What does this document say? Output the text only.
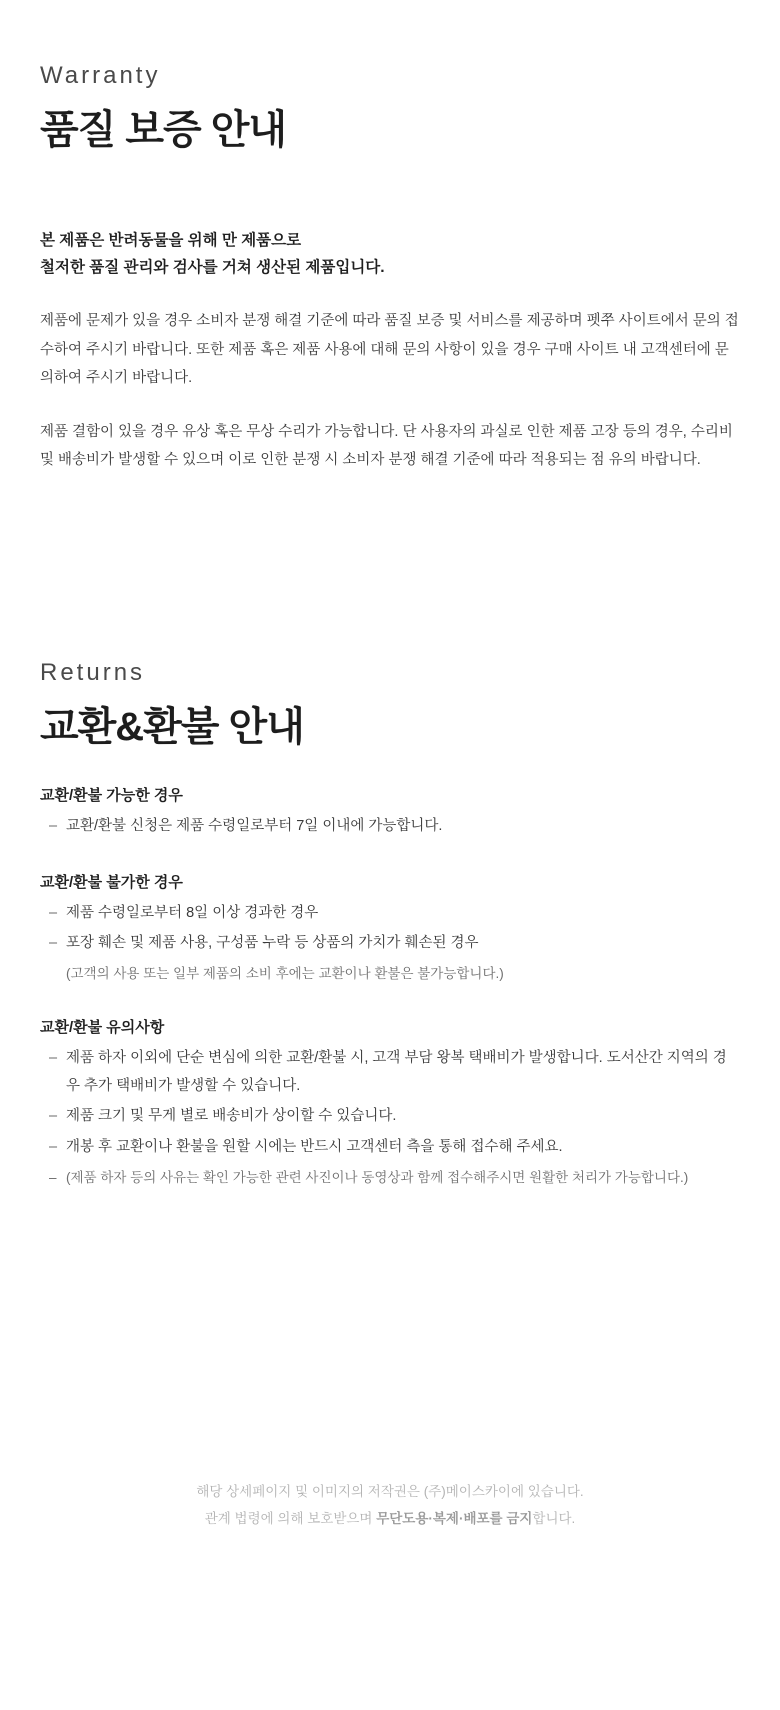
Warranty
품질 보증 안내

본 제품은 반려동물을 위해 만 제품으로
철저한 품질 관리와 검사를 거쳐 생산된 제품입니다.

제품에 문제가 있을 경우 소비자 분쟁 해결 기준에 따라 품질 보증 및 서비스를 제공하며 펫쭈 사이트에서 문의 접수하여 주시기 바랍니다. 또한 제품 혹은 제품 사용에 대해 문의 사항이 있을 경우 구매 사이트 내 고객센터에 문의하여 주시기 바랍니다.

제품 결함이 있을 경우 유상 혹은 무상 수리가 가능합니다. 단 사용자의 과실로 인한 제품 고장 등의 경우, 수리비 및 배송비가 발생할 수 있으며 이로 인한 분쟁 시 소비자 분쟁 해결 기준에 따라 적용되는 점 유의 바랍니다.

Returns
교환&환불 안내
교환/환불 가능한 경우
– 교환/환불 신청은 제품 수령일로부터 7일 이내에 가능합니다.
교환/환불 불가한 경우
– 제품 수령일로부터 8일 이상 경과한 경우
– 포장 훼손 및 제품 사용, 구성품 누락 등 상품의 가치가 훼손된 경우
(고객의 사용 또는 일부 제품의 소비 후에는 교환이나 환불은 불가능합니다.)
교환/환불 유의사항
– 제품 하자 이외에 단순 변심에 의한 교환/환불 시, 고객 부담 왕복 택배비가 발생합니다. 도서산간 지역의 경우 추가 택배비가 발생할 수 있습니다.
– 제품 크기 및 무게 별로 배송비가 상이할 수 있습니다.
– 개봉 후 교환이나 환불을 원할 시에는 반드시 고객센터 측을 통해 접수해 주세요.
– (제품 하자 등의 사유는 확인 가능한 관련 사진이나 동영상과 함께 접수해주시면 원활한 처리가 가능합니다.)
해당 상세페이지 및 이미지의 저작권은 (주)메이스카이에 있습니다.
관계 법령에 의해 보호받으며 무단도용·복제·배포를 금지합니다.
